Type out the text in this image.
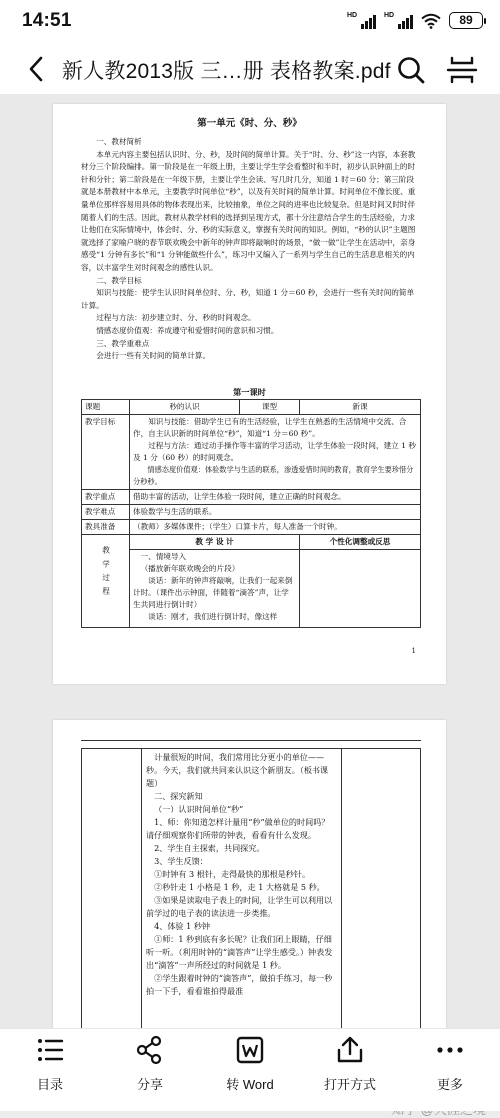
14:51	HD	HD	89
新人教2013版 三…册 表格教案.pdf
第一单元《时、分、秒》
一、教材简析
本单元内容主要包括认识时、分、秒，及时间的简单计算。关于“时、分、秒”这一内容，本套教材分三个阶段编排。第一阶段是在一年级上册，主要让学生学会看整时和半时，初步认识钟面上的时针和分针；第二阶段是在一年级下册，主要让学生会读、写几时几分，知道 1 时＝60 分；第三阶段就是本册教材中本单元，主要教学时间单位“秒”，以及有关时间的简单计算。时间单位不像长度、重量单位那样容易用具体的物体表现出来，比较抽象，单位之间的进率也比较复杂。但是时间又时时伴随着人们的生活。因此，教材从教学材料的选择到呈现方式，都十分注意结合学生的生活经验，力求让他们在实际情境中，体会时、分、秒的实际意义，掌握有关时间的知识。例如，“秒的认识”主题图就选择了家喻户晓的春节联欢晚会中新年的钟声即将敲响时的场景，“做一做”让学生在活动中，亲身感受“1 分钟有多长”和“1 分钟能做些什么”，练习中又编入了一系列与学生自己的生活息息相关的内容，以丰富学生对时间观念的感性认识。
二、教学目标
知识与技能：使学生认识时间单位时、分、秒，知道 1 分＝60 秒，会进行一些有关时间的简单计算。
过程与方法：初步建立时、分、秒的时间观念。
情感态度价值观：养成遵守和爱惜时间的意识和习惯。
三、教学重难点
会进行一些有关时间的简单计算。
第一课时
课题	秒的认识	课型	新课
教学目标	知识与技能：借助学生已有的生活经验，让学生在熟悉的生活情境中交流、合作，自主认识新的时间单位“秒”，知道“1 分＝60 秒”。
过程与方法：通过动手操作等丰富的学习活动，让学生体验一段时间，建立 1 秒及 1 分（60 秒）的时间观念。
情感态度价值观：体验数学与生活的联系，渗透爱惜时间的教育，教育学生要珍惜分分秒秒。		

教学重点	借助丰富的活动，让学生体验一段时间，建立正确的时间观念。		
教学难点	体验数学与生活的联系。		
教具准备	（教师）多媒体课件；（学生）口算卡片，每人准备一个时钟。		

教学过程	教 学 设 计		个性化调整或反思

	一、情境导入
（播放新年联欢晚会的片段）
谈话：新年的钟声将敲响，让我们一起来倒计时。（课件出示钟面，伴随着“滴答”声，让学生共同进行倒计时）
谈话：刚才，我们进行倒计时，像这样		

1
计量很短的时间，我们常用比分更小的单位——秒。今天，我们就共同来认识这个新朋友。（板书课题）
二、探究新知
（一）认识时间单位“秒”
1、师：你知道怎样计量用“秒”做单位的时间吗？请仔细观察你们所带的钟表，看看有什么发现。
2、学生自主探索，共同探究。
3、学生反馈：
①时钟有 3 根针，走得最快的那根是秒针。
②秒针走 1 小格是 1 秒，走 1 大格就是 5 秒。
③如果是读取电子表上的时间，让学生可以利用以前学过的电子表的读法进一步类推。
4、体验 1 秒钟
①师：1 秒到底有多长呢？让我们闭上眼睛，仔细听一听。（利用时钟的“滴答声”让学生感受。）钟表发出“滴答”一声所经过的时间就是 1 秒。
②学生跟着时钟的“滴答声”，做拍手练习，每一秒拍一下手，看看谁拍得最准
目录	分享	转 Word	打开方式	更多
